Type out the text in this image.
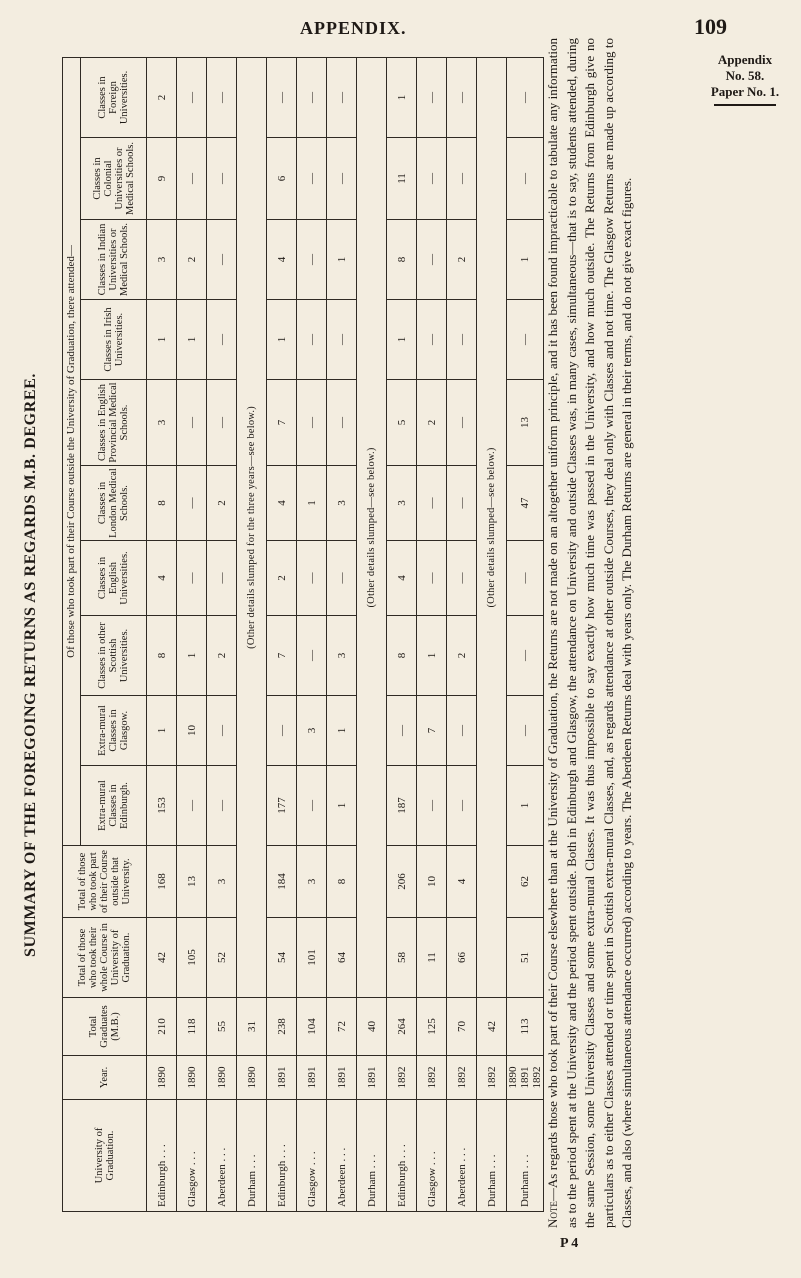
APPENDIX.	109
Appendix
No. 58.
Paper No. 1.
SUMMARY OF THE FOREGOING RETURNS AS REGARDS M.B. DEGREE.
University of Graduation.	Year.	Total Graduates (M.B.)	Total of those who took their whole Course in University of Graduation.	Total of those who took part of their Course outside that University.	Of those who took part of their Course outside the University of Graduation, there attended—									
					Extra-mural Classes in Edinburgh.	Extra-mural Classes in Glasgow.	Classes in other Scottish Universities.	Classes in English Universities.	Classes in London Medical Schools.	Classes in English Provincial Medical Schools.	Classes in Irish Universities.	Classes in Indian Universities or Medical Schools.	Classes in Colonial Universities or Medical Schools.	Classes in Foreign Universities.
Edinburgh . . .	1890	210	42	168	153	1	8	4	8	3	1	3	9	2
Glasgow . . .	1890	118	105	13	—	10	1	—	—	—	1	2	—	—
Aberdeen . . .	1890	55	52	3	—	—	2	—	2	—	—	—	—	—
Durham . . .	1890	31	(Other details slumped for the three years—see below.)											
Edinburgh . . .	1891	238	54	184	177	—	7	2	4	7	1	4	6	—
Glasgow . . .	1891	104	101	3	—	3	—	—	1	—	—	—	—	—
Aberdeen . . .	1891	72	64	8	1	1	3	—	3	—	—	1	—	—
Durham . . .	1891	40	(Other details slumped—see below.)											
Edinburgh . . .	1892	264	58	206	187	—	8	4	3	5	1	8	11	1
Glasgow . . .	1892	125	11	10	—	7	1	—	—	2	—	—	—	—
Aberdeen . . .	1892	70	66	4	—	—	2	—	—	—	—	2	—	—
Durham . . .	1892	42	(Other details slumped—see below.)											
Durham . . .	1890 1891 1892	113	51	62	1	—	—	—	47	13	—	1	—	—
Note—As regards those who took part of their Course elsewhere than at the University of Graduation, the Returns are not made on an altogether uniform principle, and it has been found impracticable to tabulate any information as to the period spent at the University and the period spent outside. Both in Edinburgh and Glasgow, the attendance on University and outside Classes was, in many cases, simultaneous—that is to say, students attended, during the same Session, some University Classes and some extra-mural Classes. It was thus impossible to say exactly how much time was passed in the University, and how much outside. The Returns from Edinburgh give no particulars as to either Classes attended or time spent in Scottish extra-mural Classes, and, as regards attendance at other outside Courses, they deal only with Classes and not time. The Glasgow Returns are made up according to Classes, and also (where simultaneous attendance occurred) according to years. The Aberdeen Returns deal with years only. The Durham Returns are general in their terms, and do not give exact figures.
P 4
